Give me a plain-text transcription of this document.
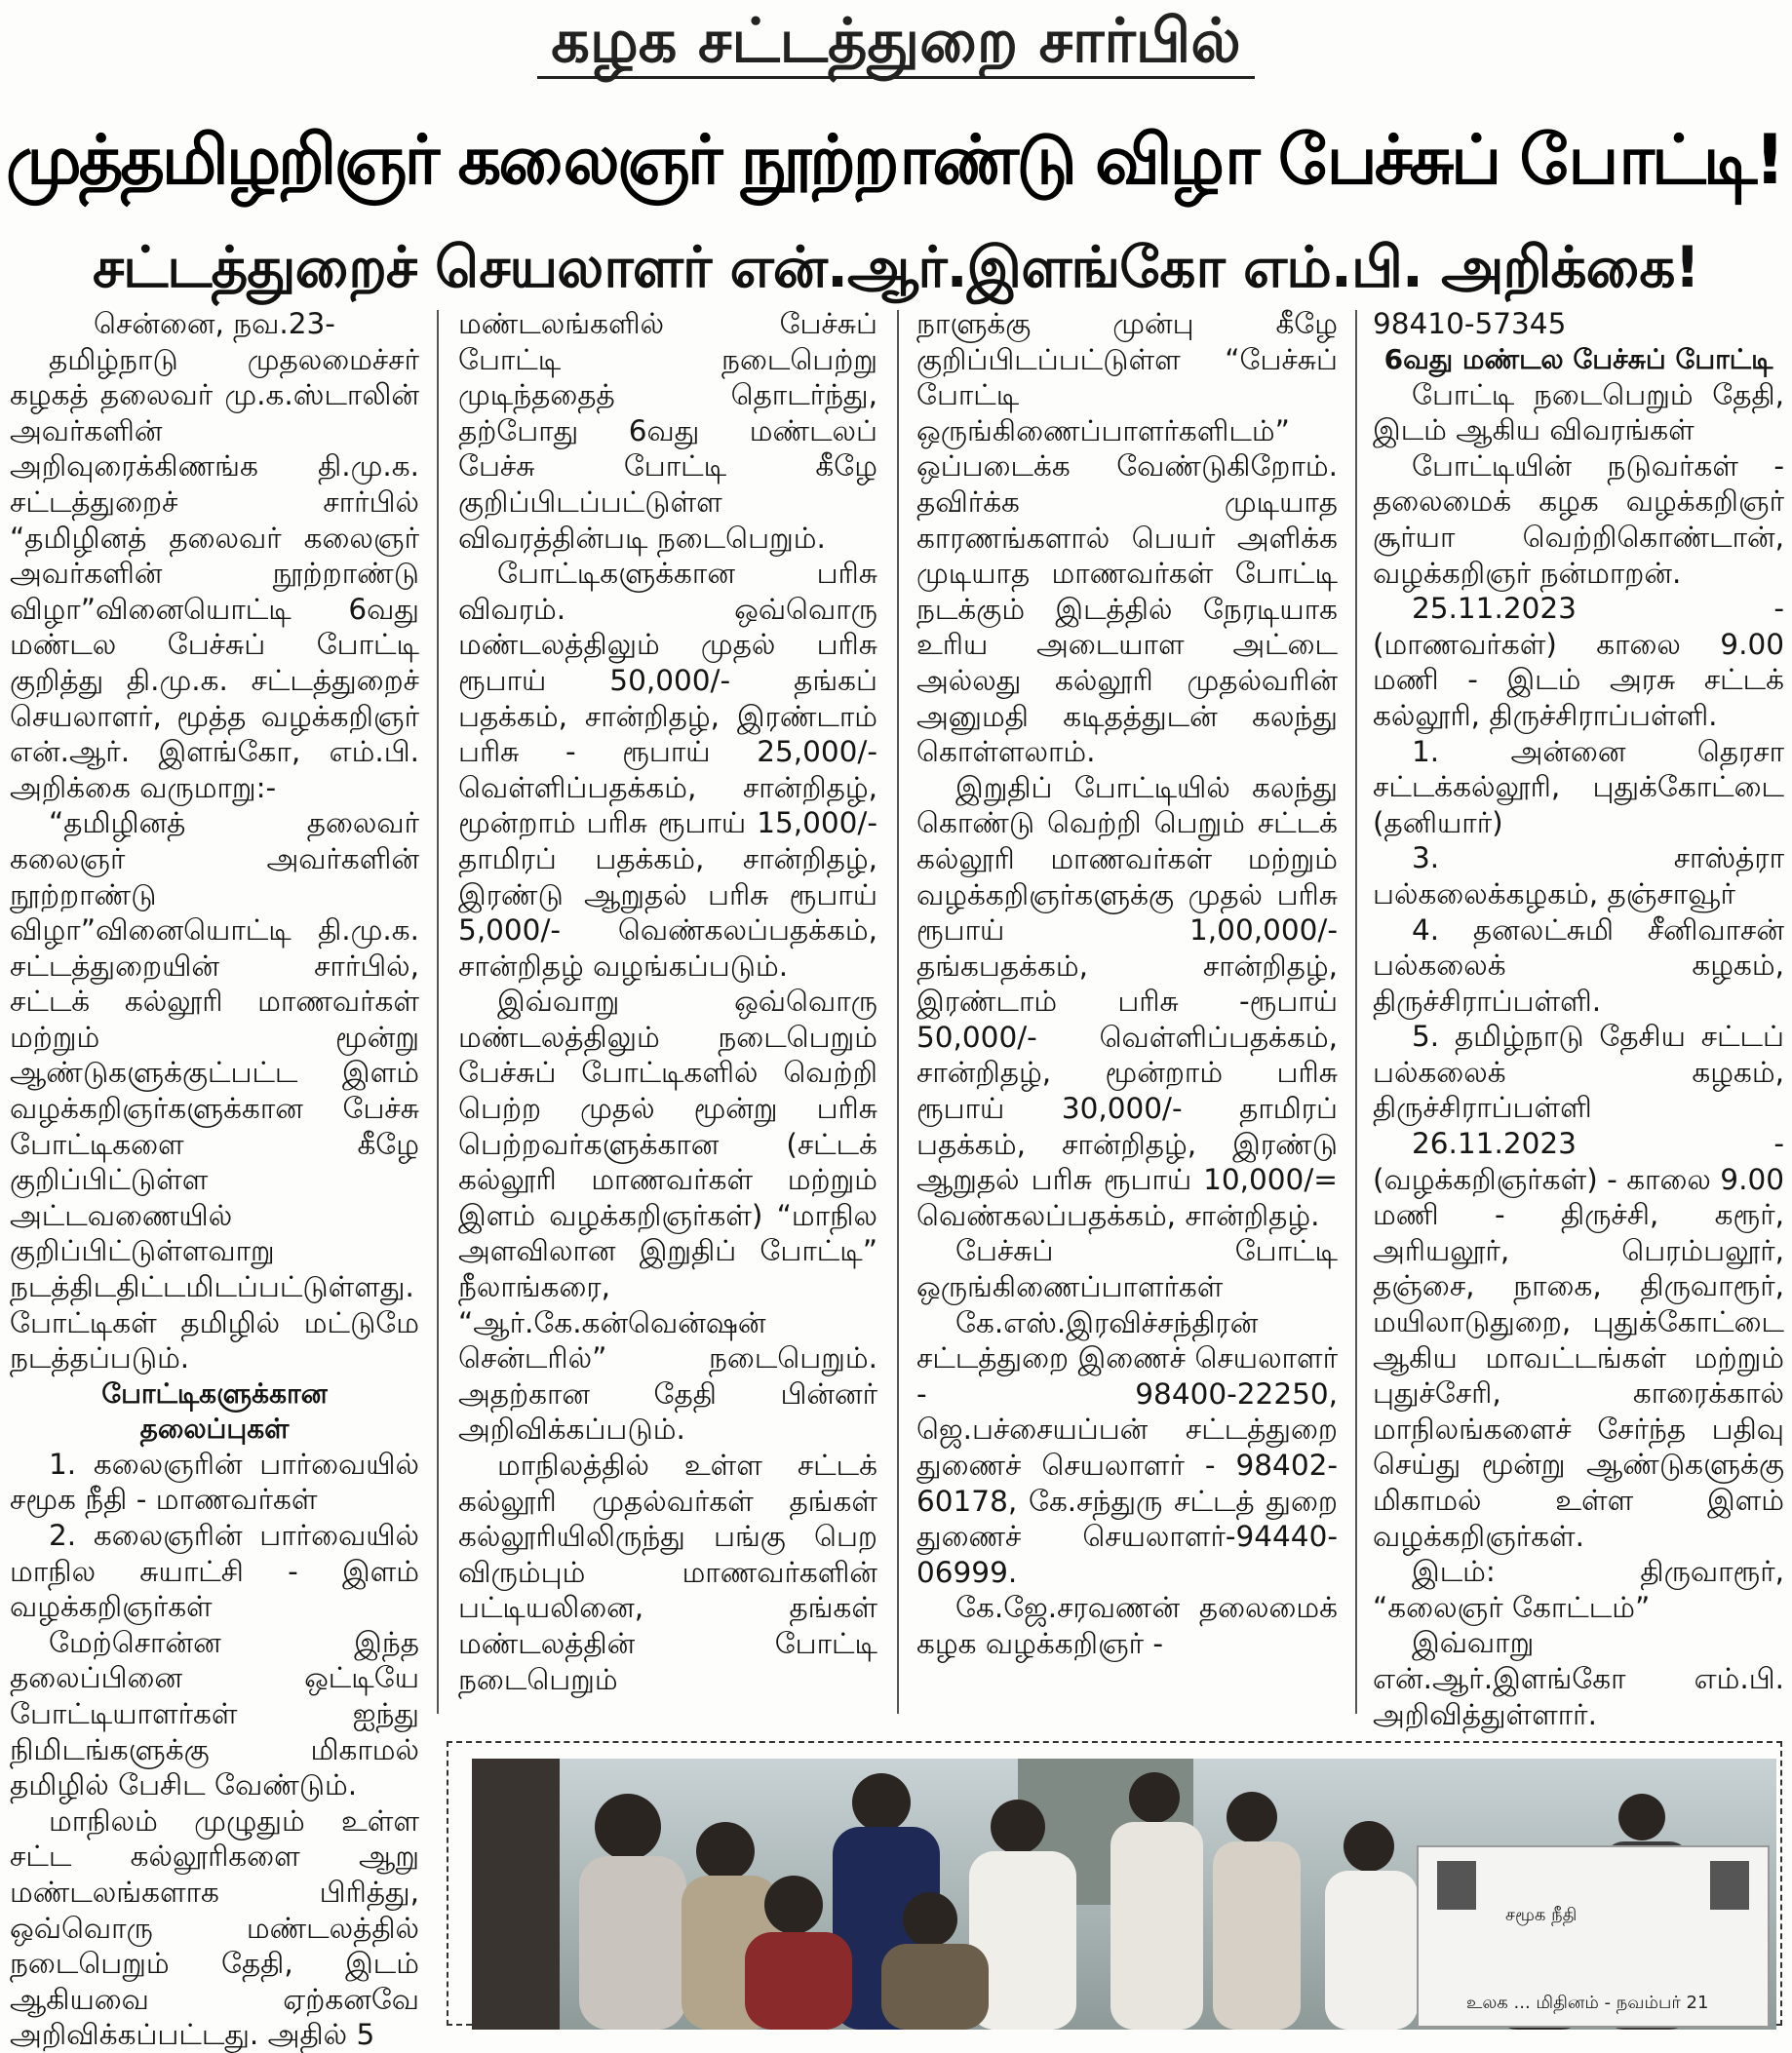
கழக சட்டத்துறை சார்பில்
முத்தமிழறிஞர் கலைஞர் நூற்றாண்டு விழா பேச்சுப் போட்டி!
சட்டத்துறைச் செயலாளர் என்.ஆர்.இளங்கோ எம்.பி. அறிக்கை!

சென்னை, நவ.23-

தமிழ்நாடு முதலமைச்சர் கழகத் தலைவர் மு.க.ஸ்டாலின் அவர்களின் அறிவுரைக்கிணங்க தி.மு.க. சட்டத்துறைச் சார்பில் “தமிழினத் தலைவர் கலைஞர் அவர்களின் நூற்றாண்டு விழா”வினையொட்டி 6வது மண்டல பேச்சுப் போட்டி குறித்து தி.மு.க. சட்டத்துறைச் செயலாளர், மூத்த வழக்கறிஞர் என்.ஆர். இளங்கோ, எம்.பி. அறிக்கை வருமாறு:-

“தமிழினத் தலைவர் கலைஞர் அவர்களின் நூற்றாண்டு விழா”வினையொட்டி தி.மு.க. சட்டத்துறையின் சார்பில், சட்டக் கல்லூரி மாணவர்கள் மற்றும் மூன்று ஆண்டுகளுக்குட்பட்ட இளம் வழக்கறிஞர்களுக்கான பேச்சு போட்டிகளை கீழே குறிப்பிட்டுள்ள அட்டவணையில் குறிப்பிட்டுள்ளவாறு நடத்திடதிட்டமிடப்பட்டுள்ளது. போட்டிகள் தமிழில் மட்டுமே நடத்தப்படும்.

போட்டிகளுக்கான

தலைப்புகள்

1. கலைஞரின் பார்வையில் சமூக நீதி - மாணவர்கள்

2. கலைஞரின் பார்வையில் மாநில சுயாட்சி - இளம் வழக்கறிஞர்கள்

மேற்சொன்ன இந்த தலைப்பினை ஒட்டியே போட்டியாளர்கள் ஐந்து நிமிடங்களுக்கு மிகாமல் தமிழில் பேசிட வேண்டும்.

மாநிலம் முழுதும் உள்ள சட்ட கல்லூரிகளை ஆறு மண்டலங்களாக பிரித்து, ஒவ்வொரு மண்டலத்தில் நடைபெறும் தேதி, இடம் ஆகியவை ஏற்கனவே அறிவிக்கப்பட்டது. அதில் 5

மண்டலங்களில் பேச்சுப் போட்டி நடைபெற்று முடிந்ததைத் தொடர்ந்து, தற்போது 6வது மண்டலப் பேச்சு போட்டி கீழே குறிப்பிடப்பட்டுள்ள விவரத்தின்படி நடைபெறும்.

போட்டிகளுக்கான பரிசு விவரம். ஒவ்வொரு மண்டலத்திலும் முதல் பரிசு ரூபாய் 50,000/- தங்கப் பதக்கம், சான்றிதழ், இரண்டாம் பரிசு - ரூபாய் 25,000/- வெள்ளிப்பதக்கம், சான்றிதழ், மூன்றாம் பரிசு ரூபாய் 15,000/- தாமிரப் பதக்கம், சான்றிதழ், இரண்டு ஆறுதல் பரிசு ரூபாய் 5,000/- வெண்கலப்பதக்கம், சான்றிதழ் வழங்கப்படும்.

இவ்வாறு ஒவ்வொரு மண்டலத்திலும் நடைபெறும் பேச்சுப் போட்டிகளில் வெற்றி பெற்ற முதல் மூன்று பரிசு பெற்றவர்களுக்கான (சட்டக் கல்லூரி மாணவர்கள் மற்றும் இளம் வழக்கறிஞர்கள்) “மாநில அளவிலான இறுதிப் போட்டி” நீலாங்கரை, “ஆர்.கே.கன்வென்ஷன் சென்டரில்” நடைபெறும். அதற்கான தேதி பின்னர் அறிவிக்கப்படும்.

மாநிலத்தில் உள்ள சட்டக் கல்லூரி முதல்வர்கள் தங்கள் கல்லூரியிலிருந்து பங்கு பெற விரும்பும் மாணவர்களின் பட்டியலினை, தங்கள் மண்டலத்தின் போட்டி நடைபெறும்

நாளுக்கு முன்பு கீழே குறிப்பிடப்பட்டுள்ள “பேச்சுப் போட்டி ஒருங்கிணைப்பாளர்களிடம்” ஒப்படைக்க வேண்டுகிறோம். தவிர்க்க முடியாத காரணங்களால் பெயர் அளிக்க முடியாத மாணவர்கள் போட்டி நடக்கும் இடத்தில் நேரடியாக உரிய அடையாள அட்டை அல்லது கல்லூரி முதல்வரின் அனுமதி கடிதத்துடன் கலந்து கொள்ளலாம்.

இறுதிப் போட்டியில் கலந்து கொண்டு வெற்றி பெறும் சட்டக் கல்லூரி மாணவர்கள் மற்றும் வழக்கறிஞர்களுக்கு முதல் பரிசு ரூபாய் 1,00,000/- தங்கபதக்கம், சான்றிதழ், இரண்டாம் பரிசு -ரூபாய் 50,000/- வெள்ளிப்பதக்கம், சான்றிதழ், மூன்றாம் பரிசு ரூபாய் 30,000/- தாமிரப் பதக்கம், சான்றிதழ், இரண்டு ஆறுதல் பரிசு ரூபாய் 10,000/= வெண்கலப்பதக்கம், சான்றிதழ்.

பேச்சுப் போட்டி ஒருங்கிணைப்பாளர்கள்

கே.எஸ்.இரவிச்சந்திரன் சட்டத்துறை இணைச் செயலாளர் - 98400-22250, ஜெ.பச்சையப்பன் சட்டத்துறை துணைச் செயலாளர் - 98402-60178, கே.சந்துரு சட்டத் துறை துணைச் செயலாளர்-94440-06999.

கே.ஜே.சரவணன் தலைமைக் கழக வழக்கறிஞர் -

98410-57345

6வது மண்டல பேச்சுப் போட்டி

போட்டி நடைபெறும் தேதி, இடம் ஆகிய விவரங்கள்

போட்டியின் நடுவர்கள் - தலைமைக் கழக வழக்கறிஞர் சூர்யா வெற்றிகொண்டான், வழக்கறிஞர் நன்மாறன்.

25.11.2023 - (மாணவர்கள்) காலை 9.00 மணி - இடம் அரசு சட்டக் கல்லூரி, திருச்சிராப்பள்ளி.

1. அன்னை தெரசா சட்டக்கல்லூரி, புதுக்கோட்டை (தனியார்)

3. சாஸ்த்ரா பல்கலைக்கழகம், தஞ்சாவூர்

4. தனலட்சுமி சீனிவாசன் பல்கலைக் கழகம், திருச்சிராப்பள்ளி.

5. தமிழ்நாடு தேசிய சட்டப் பல்கலைக் கழகம், திருச்சிராப்பள்ளி

26.11.2023 - (வழக்கறிஞர்கள்) - காலை 9.00 மணி - திருச்சி, கரூர், அரியலூர், பெரம்பலூர், தஞ்சை, நாகை, திருவாரூர், மயிலாடுதுறை, புதுக்கோட்டை ஆகிய மாவட்டங்கள் மற்றும் புதுச்சேரி, காரைக்கால் மாநிலங்களைச் சேர்ந்த பதிவு செய்து மூன்று ஆண்டுகளுக்கு மிகாமல் உள்ள இளம் வழக்கறிஞர்கள்.

இடம்: திருவாரூர், “கலைஞர் கோட்டம்”

இவ்வாறு என்.ஆர்.இளங்கோ எம்.பி. அறிவித்துள்ளார்.

சமூக நீதி
உலக ... மிதினம் - நவம்பர் 21
